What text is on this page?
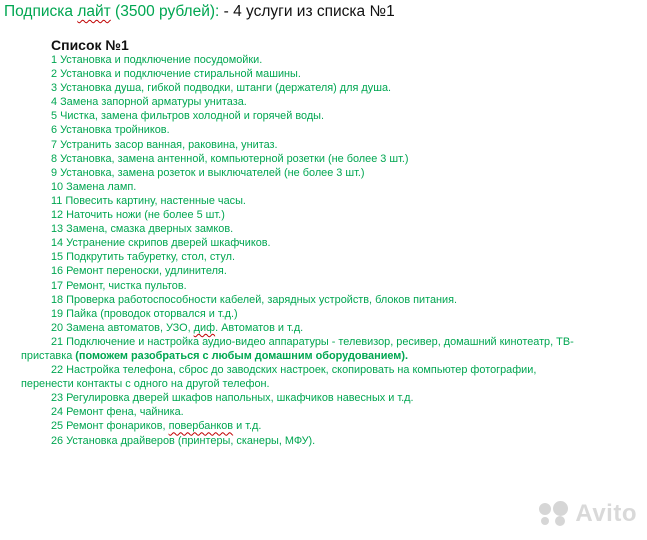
Подписка лайт (3500 рублей): - 4 услуги из списка №1
Список №1
1 Установка и подключение посудомойки.
2 Установка и подключение стиральной машины.
3 Установка душа, гибкой подводки, штанги (держателя) для душа.
4 Замена запорной арматуры унитаза.
5 Чистка, замена фильтров холодной и горячей воды.
6 Установка тройников.
7 Устранить засор ванная, раковина, унитаз.
8 Установка, замена антенной, компьютерной розетки (не более 3 шт.)
9 Установка, замена розеток и выключателей (не более 3 шт.)
10 Замена ламп.
11 Повесить картину, настенные часы.
12 Наточить ножи (не более 5 шт.)
13 Замена, смазка дверных замков.
14 Устранение скрипов дверей шкафчиков.
15 Подкрутить табуретку, стол, стул.
16 Ремонт переноски, удлинителя.
17 Ремонт, чистка пультов.
18 Проверка работоспособности кабелей, зарядных устройств, блоков питания.
19 Пайка (проводок оторвался и т.д.)
20 Замена автоматов, УЗО, диф. Автоматов и т.д.
21 Подключение и настройка аудио-видео аппаратуры - телевизор, ресивер, домашний кинотеатр, ТВ-приставка (поможем разобраться с любым домашним оборудованием).
22 Настройка телефона, сброс до заводских настроек, скопировать на компьютер фотографии, перенести контакты с одного на другой телефон.
23 Регулировка дверей шкафов напольных, шкафчиков навесных и т.д.
24 Ремонт фена, чайника.
25 Ремонт фонариков, повербанков и т.д.
26 Установка драйверов (принтеры, сканеры, МФУ).
Avito
